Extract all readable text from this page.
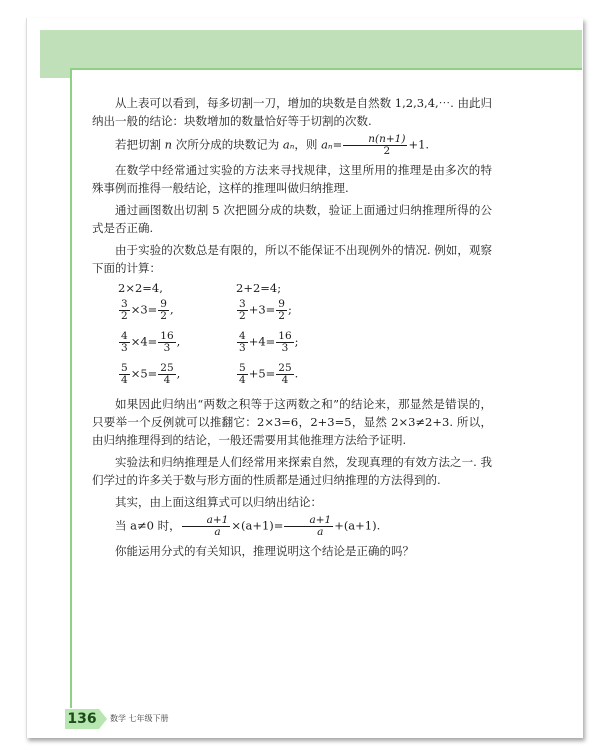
从上表可以看到，每多切割一刀，增加的块数是自然数 1,2,3,4,⋯. 由此归纳出一般的结论：块数增加的数量恰好等于切割的次数.

若把切割 n 次所分成的块数记为 aₙ，则 $a_n= \frac{n(n+1)}{2} +1$.

在数学中经常通过实验的方法来寻找规律，这里所用的推理是由多次的特殊事例而推得一般结论，这样的推理叫做归纳推理.

通过画图数出切割 5 次把圆分成的块数，验证上面通过归纳推理所得的公式是否正确.

由于实验的次数总是有限的，所以不能保证不出现例外的情况. 例如，观察下面的计算：

2×2=4,	2+2=4;
$\frac{3}{2} \times 3= \frac{9}{2}$ ,	$\frac{3}{2} +3= \frac{9}{2}$ ;
$\frac{4}{3} \times 4= \frac{16}{3}$ ,	$\frac{4}{3} +4= \frac{16}{3}$ ;
$\frac{5}{4} \times 5= \frac{25}{4}$ ,	$\frac{5}{4} +5= \frac{25}{4}$ .

如果因此归纳出“两数之积等于这两数之和”的结论来，那显然是错误的，只要举一个反例就可以推翻它：2×3=6，2+3=5，显然 2×3≠2+3. 所以，由归纳推理得到的结论，一般还需要用其他推理方法给予证明.

实验法和归纳推理是人们经常用来探索自然，发现真理的有效方法之一. 我们学过的许多关于数与形方面的性质都是通过归纳推理的方法得到的.

其实，由上面这组算式可以归纳出结论：

当 a≠0 时， $\frac{a+1}{a} \times(a+1)= \frac{a+1}{a} +(a+1)$.

你能运用分式的有关知识，推理说明这个结论是正确的吗？

136 数学 七年级下册
